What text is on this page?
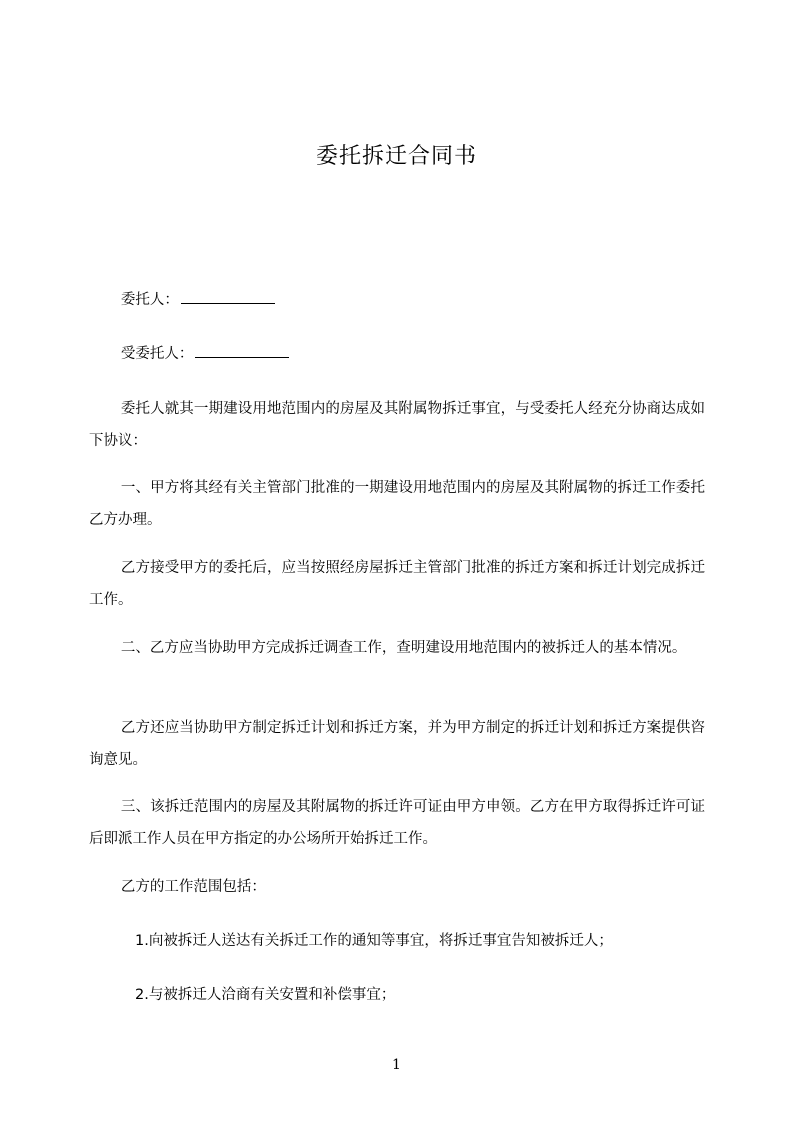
委托拆迁合同书
委托人：
受委托人：
委托人就其一期建设用地范围内的房屋及其附属物拆迁事宜，与受委托人经充分协商达成如下协议：
一、甲方将其经有关主管部门批准的一期建设用地范围内的房屋及其附属物的拆迁工作委托乙方办理。
乙方接受甲方的委托后，应当按照经房屋拆迁主管部门批准的拆迁方案和拆迁计划完成拆迁工作。
二、乙方应当协助甲方完成拆迁调查工作，查明建设用地范围内的被拆迁人的基本情况。
乙方还应当协助甲方制定拆迁计划和拆迁方案，并为甲方制定的拆迁计划和拆迁方案提供咨询意见。
三、该拆迁范围内的房屋及其附属物的拆迁许可证由甲方申领。乙方在甲方取得拆迁许可证后即派工作人员在甲方指定的办公场所开始拆迁工作。
乙方的工作范围包括：
1.向被拆迁人送达有关拆迁工作的通知等事宜，将拆迁事宜告知被拆迁人；
2.与被拆迁人洽商有关安置和补偿事宜；
1
